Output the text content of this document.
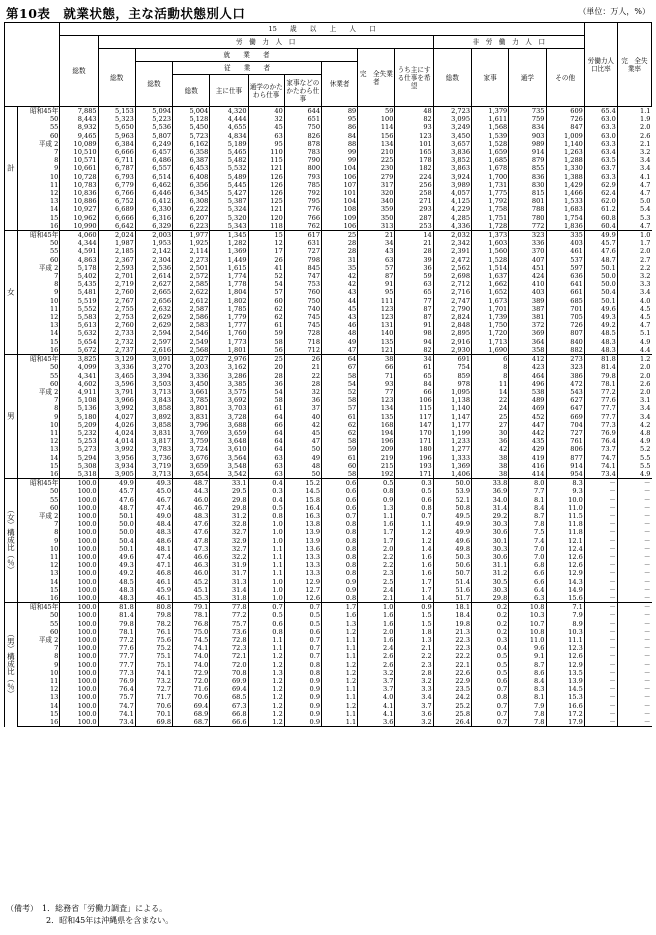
第10表　就業状態，主な活動状態別人口	（単位：万人，%）
		15　　歳　　以　　上　　人　　口														労働力人口比率	完　全失業率
		総数	労　働　力　人　口									非　労　働　力　人　口					
			総数	就　　業　　者						完　全失業者	うち主にする仕事を希望	総数	家事	通学	その他		
				総数	従　　業　　者				休業者								
					総数	主に仕事	通学のかたわら仕事	家事などのかたわら仕事									
計	昭和45年	7,885	5,153	5,094	5,004	4,320	40	644	89	59	48	2,723	1,379	735	609	65.4	1.1
	50	8,443	5,323	5,223	5,128	4,444	32	651	95	100	82	3,095	1,611	759	726	63.0	1.9
	55	8,932	5,650	5,536	5,450	4,655	45	750	86	114	93	3,249	1,568	834	847	63.3	2.0
	60	9,465	5,963	5,807	5,723	4,834	63	826	84	156	123	3,450	1,539	903	1,009	63.0	2.6
	平成 2	10,089	6,384	6,249	6,162	5,189	95	878	88	134	101	3,657	1,528	989	1,140	63.3	2.1
	7	10,510	6,666	6,457	6,358	5,465	110	783	99	210	165	3,836	1,659	914	1,263	63.4	3.2
	8	10,571	6,711	6,486	6,387	5,482	115	790	99	225	178	3,852	1,685	879	1,288	63.5	3.4
	9	10,661	6,787	6,557	6,453	5,532	121	800	104	230	182	3,863	1,678	855	1,330	63.7	3.4
	10	10,728	6,793	6,514	6,408	5,489	126	793	106	279	224	3,924	1,700	836	1,388	63.3	4.1
	11	10,783	6,779	6,462	6,356	5,445	126	785	107	317	256	3,989	1,731	830	1,429	62.9	4.7
	12	10,836	6,766	6,446	6,345	5,427	126	792	101	320	258	4,057	1,775	815	1,466	62.4	4.7
	13	10,886	6,752	6,412	6,308	5,387	125	795	104	340	271	4,125	1,792	801	1,533	62.0	5.0
	14	10,927	6,689	6,330	6,222	5,324	121	776	108	359	293	4,229	1,758	788	1,683	61.2	5.4
	15	10,962	6,666	6,316	6,207	5,320	120	766	109	350	287	4,285	1,751	780	1,754	60.8	5.3
	16	10,990	6,642	6,329	6,223	5,343	118	762	106	313	253	4,336	1,728	772	1,836	60.4	4.7
女	昭和45年	4,060	2,024	2,003	1,977	1,345	15	617	25	21	14	2,032	1,373	323	335	49.9	1.0
	50	4,344	1,987	1,953	1,925	1,282	12	631	28	34	21	2,342	1,603	336	403	45.7	1.7
	55	4,591	2,185	2,142	2,114	1,369	17	727	28	43	28	2,391	1,560	370	461	47.6	2.0
	60	4,863	2,367	2,304	2,273	1,449	26	798	31	63	39	2,472	1,528	407	537	48.7	2.7
	平成 2	5,178	2,593	2,536	2,501	1,615	41	845	35	57	36	2,562	1,514	451	597	50.1	2.2
	7	5,402	2,701	2,614	2,572	1,774	52	747	42	87	59	2,698	1,637	424	636	50.0	3.2
	8	5,435	2,719	2,627	2,585	1,778	54	753	42	91	63	2,712	1,662	410	641	50.0	3.3
	9	5,481	2,760	2,665	2,622	1,804	57	760	43	95	65	2,716	1,652	403	661	50.4	3.4
	10	5,519	2,767	2,656	2,612	1,802	60	750	44	111	77	2,747	1,673	389	685	50.1	4.0
	11	5,552	2,755	2,632	2,587	1,785	62	740	45	123	87	2,790	1,701	387	701	49.6	4.5
	12	5,583	2,753	2,629	2,586	1,779	62	745	43	123	87	2,824	1,739	381	705	49.3	4.5
	13	5,613	2,760	2,629	2,583	1,777	61	745	46	131	91	2,848	1,750	372	726	49.2	4.7
	14	5,632	2,733	2,594	2,546	1,760	59	728	48	140	98	2,895	1,720	369	807	48.5	5.1
	15	5,654	2,732	2,597	2,549	1,773	58	718	49	135	94	2,916	1,713	364	840	48.3	4.9
	16	5,672	2,737	2,616	2,568	1,801	56	712	47	121	82	2,930	1,690	358	882	48.3	4.4
男	昭和45年	3,825	3,129	3,091	3,027	2,976	25	26	64	38	34	691	6	412	273	81.8	1.2
	50	4,099	3,336	3,270	3,203	3,162	20	21	67	66	61	754	8	423	323	81.4	2.0
	55	4,341	3,465	3,394	3,336	3,286	28	22	58	71	65	859	8	464	386	79.8	2.0
	60	4,602	3,596	3,503	3,450	3,385	36	28	54	93	84	978	11	496	472	78.1	2.6
	平成 2	4,911	3,791	3,713	3,661	3,575	54	32	52	77	66	1,095	14	538	543	77.2	2.0
	7	5,108	3,966	3,843	3,785	3,692	58	36	58	123	106	1,138	22	489	627	77.6	3.1
	8	5,136	3,992	3,858	3,801	3,703	61	37	57	134	115	1,140	24	469	647	77.7	3.4
	9	5,180	4,027	3,892	3,831	3,728	64	40	61	135	117	1,147	25	452	669	77.7	3.4
	10	5,209	4,026	3,858	3,796	3,688	66	42	62	168	147	1,177	27	447	704	77.3	4.2
	11	5,232	4,024	3,831	3,769	3,659	64	45	62	194	170	1,199	30	442	727	76.9	4.8
	12	5,253	4,014	3,817	3,759	3,648	64	47	58	196	171	1,233	36	435	761	76.4	4.9
	13	5,273	3,992	3,783	3,724	3,610	64	50	59	209	180	1,277	42	429	806	73.7	5.2
	14	5,294	3,956	3,736	3,676	3,564	63	49	61	219	196	1,333	38	419	877	74.7	5.5
	15	5,308	3,934	3,719	3,659	3,548	63	48	60	215	193	1,369	38	416	914	74.1	5.5
	16	5,318	3,905	3,713	3,654	3,542	63	50	58	192	171	1,406	38	414	954	73.4	4.9
（女）構成比（％）	昭和45年	100.0	49.9	49.3	48.7	33.1	0.4	15.2	0.6	0.5	0.3	50.0	33.8	8.0	8.3	－	－
	50	100.0	45.7	45.0	44.3	29.5	0.3	14.5	0.6	0.8	0.5	53.9	36.9	7.7	9.3	－	－
	55	100.0	47.6	46.7	46.0	29.8	0.4	15.8	0.6	0.9	0.6	52.1	34.0	8.1	10.0	－	－
	60	100.0	48.7	47.4	46.7	29.8	0.5	16.4	0.6	1.3	0.8	50.8	31.4	8.4	11.0	－	－
	平成 2	100.0	50.1	49.0	48.3	31.2	0.8	16.3	0.7	1.1	0.7	49.5	29.2	8.7	11.5	－	－
	7	100.0	50.0	48.4	47.6	32.8	1.0	13.8	0.8	1.6	1.1	49.9	30.3	7.8	11.8	－	－
	8	100.0	50.0	48.3	47.6	32.7	1.0	13.9	0.8	1.7	1.2	49.9	30.6	7.5	11.8	－	－
	9	100.0	50.4	48.6	47.8	32.9	1.0	13.9	0.8	1.7	1.2	49.6	30.1	7.4	12.1	－	－
	10	100.0	50.1	48.1	47.3	32.7	1.1	13.6	0.8	2.0	1.4	49.8	30.3	7.0	12.4	－	－
	11	100.0	49.6	47.4	46.6	32.2	1.1	13.3	0.8	2.2	1.6	50.3	30.6	7.0	12.6	－	－
	12	100.0	49.3	47.1	46.3	31.9	1.1	13.3	0.8	2.2	1.6	50.6	31.1	6.8	12.6	－	－
	13	100.0	49.2	46.8	46.0	31.7	1.1	13.3	0.8	2.3	1.6	50.7	31.2	6.6	12.9	－	－
	14	100.0	48.5	46.1	45.2	31.3	1.0	12.9	0.9	2.5	1.7	51.4	30.5	6.6	14.3	－	－
	15	100.0	48.3	45.9	45.1	31.4	1.0	12.7	0.9	2.4	1.7	51.6	30.3	6.4	14.9	－	－
	16	100.0	48.3	46.1	45.3	31.8	1.0	12.6	0.8	2.1	1.4	51.7	29.8	6.3	15.6	－	－
（男）構成比（％）	昭和45年	100.0	81.8	80.8	79.1	77.8	0.7	0.7	1.7	1.0	0.9	18.1	0.2	10.8	7.1	－	－
	50	100.0	81.4	79.8	78.1	77.2	0.5	0.5	1.6	1.6	1.5	18.4	0.2	10.3	7.9	－	－
	55	100.0	79.8	78.2	76.8	75.7	0.6	0.5	1.3	1.6	1.5	19.8	0.2	10.7	8.9	－	－
	60	100.0	78.1	76.1	75.0	73.6	0.8	0.6	1.2	2.0	1.8	21.3	0.2	10.8	10.3	－	－
	平成 2	100.0	77.2	75.6	74.5	72.8	1.1	0.7	1.1	1.6	1.3	22.3	0.3	11.0	11.1	－	－
	7	100.0	77.6	75.2	74.1	72.3	1.1	0.7	1.1	2.4	2.1	22.3	0.4	9.6	12.3	－	－
	8	100.0	77.7	75.1	74.0	72.1	1.2	0.7	1.1	2.6	2.2	22.2	0.5	9.1	12.6	－	－
	9	100.0	77.7	75.1	74.0	72.0	1.2	0.8	1.2	2.6	2.3	22.1	0.5	8.7	12.9	－	－
	10	100.0	77.3	74.1	72.9	70.8	1.3	0.8	1.2	3.2	2.8	22.6	0.5	8.6	13.5	－	－
	11	100.0	76.9	73.2	72.0	69.9	1.2	0.9	1.2	3.7	3.2	22.9	0.6	8.4	13.9	－	－
	12	100.0	76.4	72.7	71.6	69.4	1.2	0.9	1.1	3.7	3.3	23.5	0.7	8.3	14.5	－	－
	13	100.0	75.7	71.7	70.6	68.5	1.2	0.9	1.1	4.0	3.4	24.2	0.8	8.1	15.3	－	－
	14	100.0	74.7	70.6	69.4	67.3	1.2	0.9	1.2	4.1	3.7	25.2	0.7	7.9	16.6	－	－
	15	100.0	74.1	70.1	68.9	66.8	1.2	0.9	1.1	4.1	3.6	25.8	0.7	7.8	17.2	－	－
	16	100.0	73.4	69.8	68.7	66.6	1.2	0.9	1.1	3.6	3.2	26.4	0.7	7.8	17.9	－	－
（備考）　1．総務省「労働力調査」による。
　　　　　2．昭和45年は沖縄県を含まない。
